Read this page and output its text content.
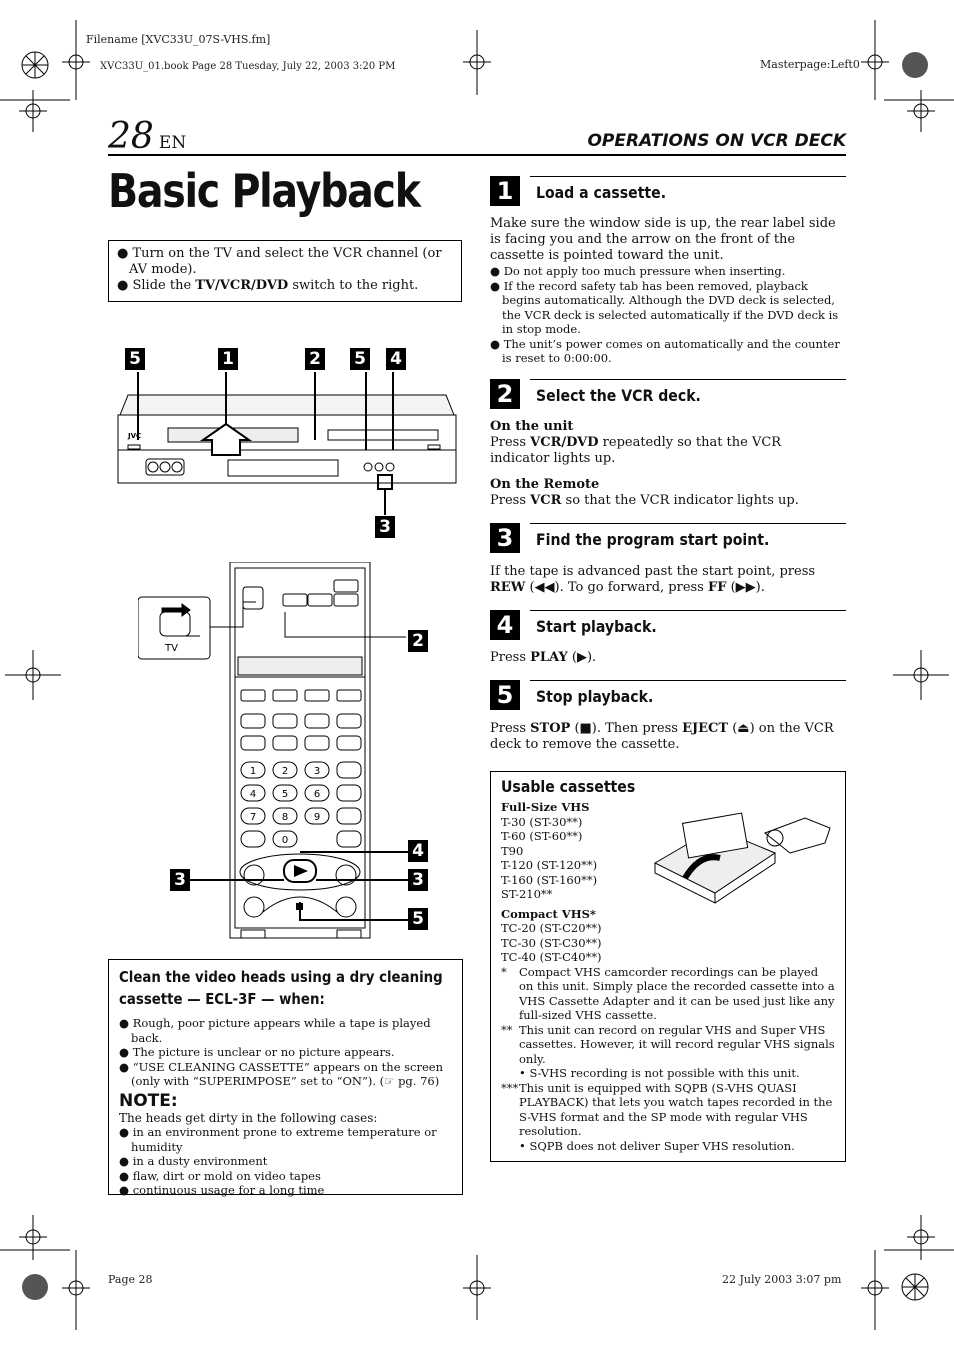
Filename [XVC33U_07S-VHS.fm]
XVC33U_01.book Page 28 Tuesday, July 22, 2003 3:20 PM	Masterpage:Left0
28 EN	OPERATIONS ON VCR DECK
Basic Playback
● Turn on the TV and select the VCR channel (or AV mode).
● Slide the TV/VCR/DVD switch to the right.
JVC
5	1	2 5 4
3
TV
1	2	3
4	5	6
7	8	9
0
2
4
3	3
5
Clean the video heads using a dry cleaning cassette — ECL-3F — when:
● Rough, poor picture appears while a tape is played back.
● The picture is unclear or no picture appears.
● “USE CLEANING CASSETTE” appears on the screen (only with “SUPERIMPOSE” set to “ON”). (☞ pg. 76)
NOTE:
The heads get dirty in the following cases:
● in an environment prone to extreme temperature or humidity
● in a dusty environment
● flaw, dirt or mold on video tapes
● continuous usage for a long time
1	Load a cassette.
Make sure the window side is up, the rear label side is facing you and the arrow on the front of the cassette is pointed toward the unit.
● Do not apply too much pressure when inserting.
● If the record safety tab has been removed, playback begins automatically. Although the DVD deck is selected, the VCR deck is selected automatically if the DVD deck is in stop mode.
● The unit’s power comes on automatically and the counter is reset to 0:00:00.
2	Select the VCR deck.
On the unit
Press VCR/DVD repeatedly so that the VCR indicator lights up.
On the Remote
Press VCR so that the VCR indicator lights up.
3	Find the program start point.
If the tape is advanced past the start point, press REW (◀◀). To go forward, press FF (▶▶).
4	Start playback.
Press PLAY (▶).
5	Stop playback.
Press STOP (■). Then press EJECT (⏏) on the VCR deck to remove the cassette.
Usable cassettes
Full-Size VHS
T-30 (ST-30**)
T-60 (ST-60**)
T90
T-120 (ST-120**)
T-160 (ST-160**)
ST-210**
Compact VHS*
TC-20 (ST-C20**)
TC-30 (ST-C30**)
TC-40 (ST-C40**)
*	Compact VHS camcorder recordings can be played on this unit. Simply place the recorded cassette into a VHS Cassette Adapter and it can be used just like any full-sized VHS cassette.
** This unit can record on regular VHS and Super VHS cassettes. However, it will record regular VHS signals only.
• S-VHS recording is not possible with this unit.
*** This unit is equipped with SQPB (S-VHS QUASI PLAYBACK) that lets you watch tapes recorded in the S-VHS format and the SP mode with regular VHS resolution.
• SQPB does not deliver Super VHS resolution.
Page 28	22 July 2003 3:07 pm
